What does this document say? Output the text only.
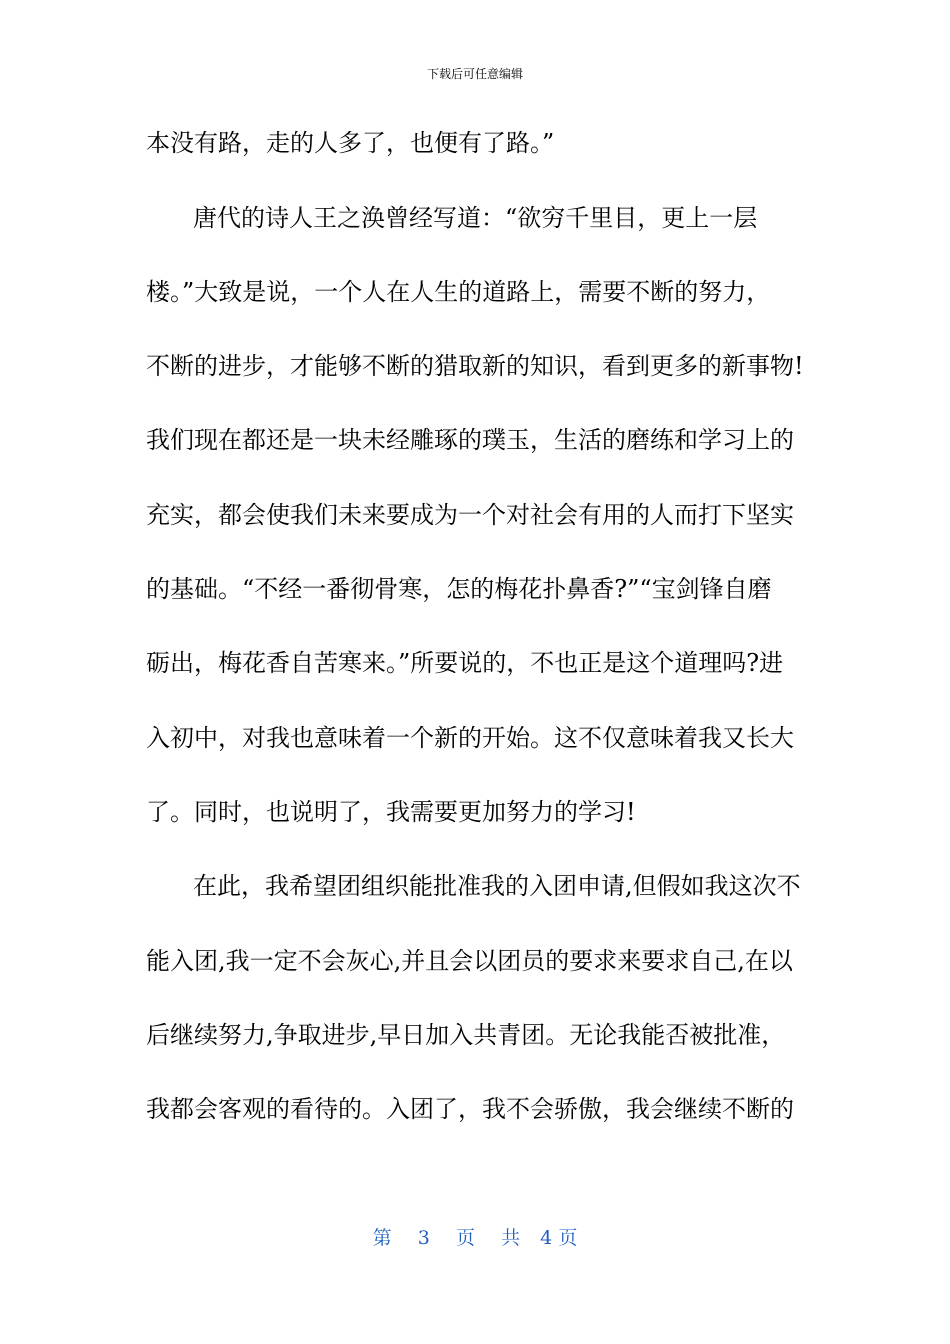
下载后可任意编辑
本没有路，走的人多了，也便有了路。”
唐代的诗人王之涣曾经写道：“欲穷千里目，更上一层
楼。”大致是说，一个人在人生的道路上，需要不断的努力，
不断的进步，才能够不断的猎取新的知识，看到更多的新事物!
我们现在都还是一块未经雕琢的璞玉，生活的磨练和学习上的
充实，都会使我们未来要成为一个对社会有用的人而打下坚实
的基础。“不经一番彻骨寒，怎的梅花扑鼻香?”“宝剑锋自磨
砺出，梅花香自苦寒来。”所要说的，不也正是这个道理吗?进
入初中，对我也意味着一个新的开始。这不仅意味着我又长大
了。同时，也说明了，我需要更加努力的学习!
在此，我希望团组织能批准我的入团申请,但假如我这次不
能入团,我一定不会灰心,并且会以团员的要求来要求自己,在以
后继续努力,争取进步,早日加入共青团。无论我能否被批准，
我都会客观的看待的。入团了，我不会骄傲，我会继续不断的
第 3 页 共 4 页
